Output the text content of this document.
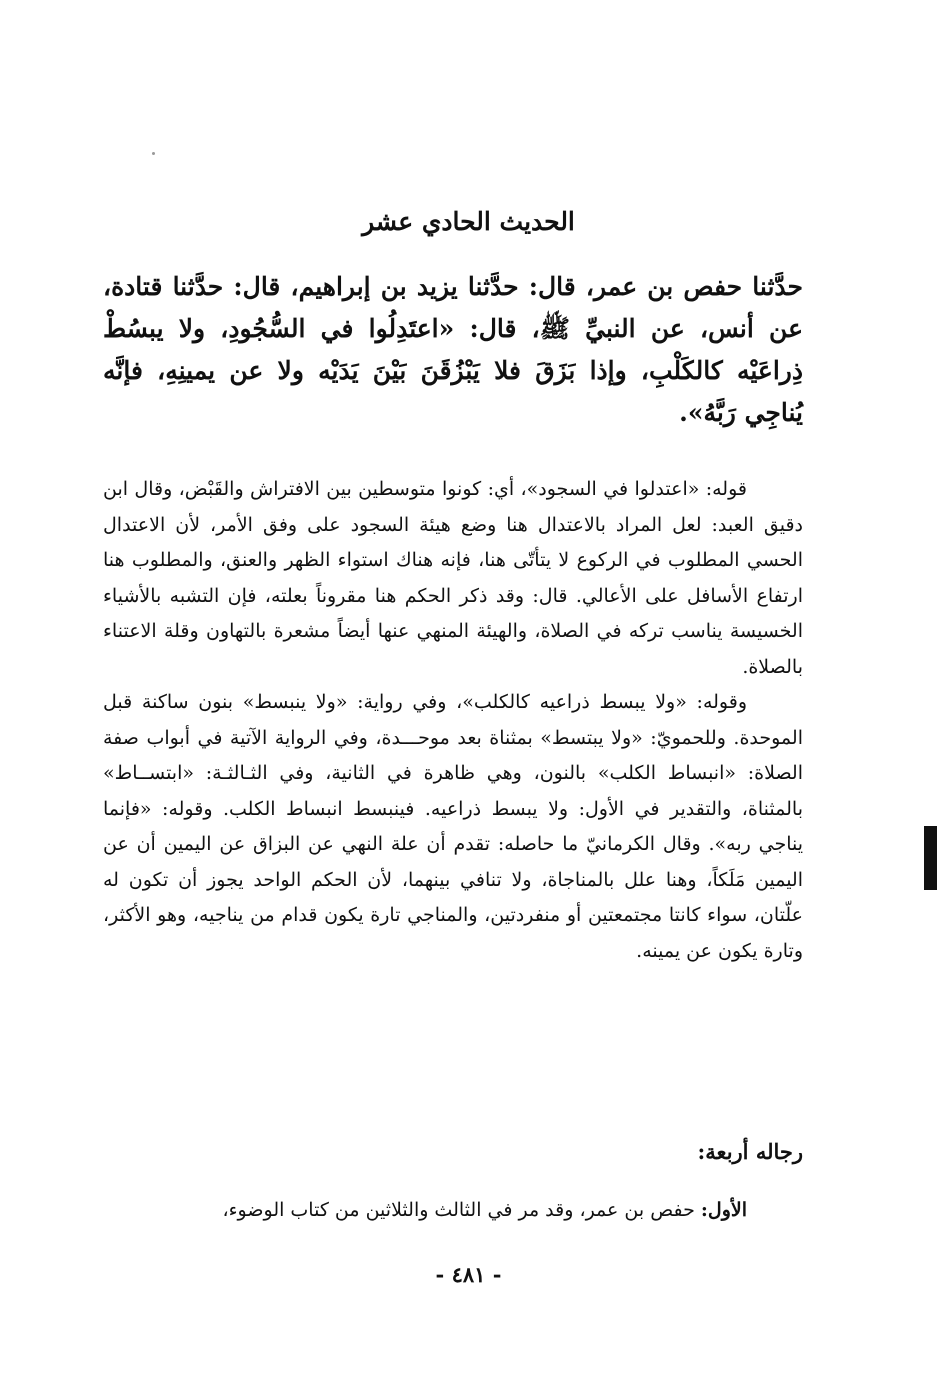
الحديث الحادي عشر
حدَّثنا حفص بن عمر، قال: حدَّثنا يزيد بن إبراهيم، قال: حدَّثنا قتادة، عن أنس، عن النبيِّ ﷺ، قال: «اعتَدِلُوا في السُّجُودِ، ولا يبسُطْ ذِراعَيْه كالكَلْبِ، وإذا بَزَقَ فلا يَبْزُقَنَ بَيْنَ يَدَيْه ولا عن يمينِهِ، فإنَّه يُناجِي رَبَّهُ».

قوله: «اعتدلوا في السجود»، أي: كونوا متوسطين بين الافتراش والقَبْض، وقال ابن دقيق العبد: لعل المراد بالاعتدال هنا وضع هيئة السجود على وفق الأمر، لأن الاعتدال الحسي المطلوب في الركوع لا يتأتّى هنا، فإنه هناك استواء الظهر والعنق، والمطلوب هنا ارتفاع الأسافل على الأعالي. قال: وقد ذكر الحكم هنا مقروناً بعلته، فإن التشبه بالأشياء الخسيسة يناسب تركه في الصلاة، والهيئة المنهي عنها أيضاً مشعرة بالتهاون وقلة الاعتناء بالصلاة.

وقوله: «ولا يبسط ذراعيه كالكلب»، وفي رواية: «ولا ينبسط» بنون ساكنة قبل الموحدة. وللحمويّ: «ولا يبتسط» بمثناة بعد موحـــدة، وفي الرواية الآتية في أبواب صفة الصلاة: «انبساط الكلب» بالنون، وهي ظاهرة في الثانية، وفي الثـالثـة: «ابتســاط» بالمثناة، والتقدير في الأول: ولا يبسط ذراعيه. فينبسط انبساط الكلب. وقوله: «فإنما يناجي ربه». وقال الكرمانيّ ما حاصله: تقدم أن علة النهي عن البزاق عن اليمين أن عن اليمين مَلَكاً، وهنا علل بالمناجاة، ولا تنافي بينهما، لأن الحكم الواحد يجوز أن تكون له علّتان، سواء كانتا مجتمعتين أو منفردتين، والمناجي تارة يكون قدام من يناجيه، وهو الأكثر، وتارة يكون عن يمينه.

رجاله أربعة:
الأول: حفص بن عمر، وقد مر في الثالث والثلاثين من كتاب الوضوء،
- ٤٨١ -
